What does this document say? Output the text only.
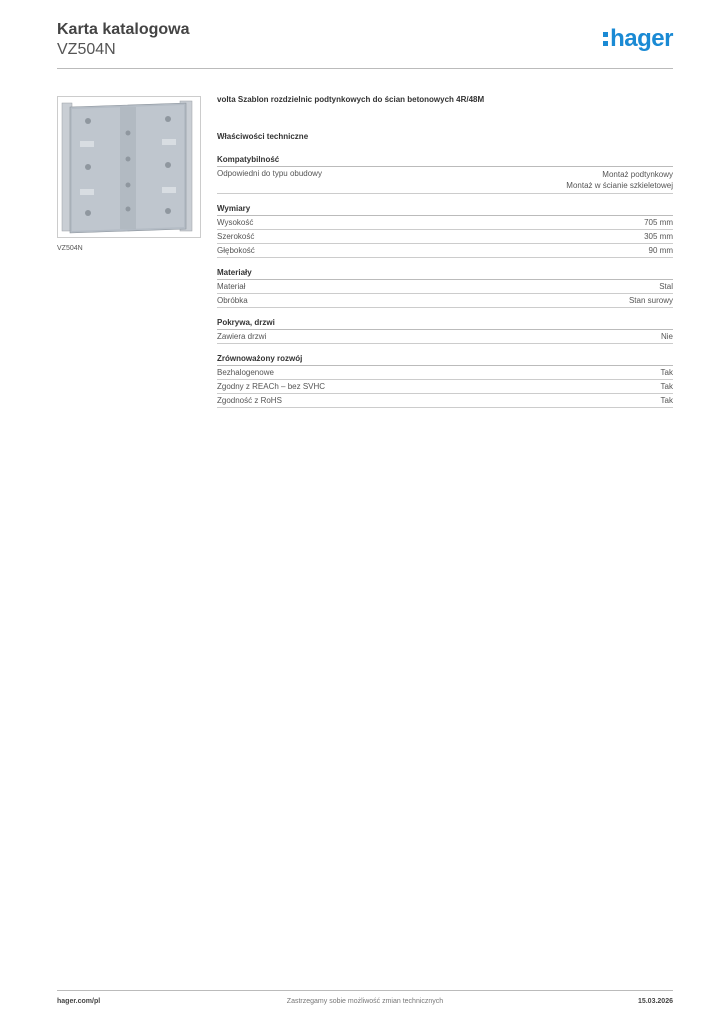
Karta katalogowa
VZ504N	hager
VZ504N
volta Szablon rozdzielnic podtynkowych do ścian betonowych 4R/48M
Właściwości techniczne
Kompatybilność
Odpowiedni do typu obudowy	Montaż podtynkowy
Montaż w ścianie szkieletowej
Wymiary
Wysokość	705 mm
Szerokość	305 mm
Głębokość	90 mm
Materiały
Materiał	Stal
Obróbka	Stan surowy
Pokrywa, drzwi
Zawiera drzwi	Nie
Zrównoważony rozwój
Bezhalogenowe	Tak
Zgodny z REACh – bez SVHC	Tak
Zgodność z RoHS	Tak
hager.com/pl	Zastrzegamy sobie możliwość zmian technicznych	15.03.2026
